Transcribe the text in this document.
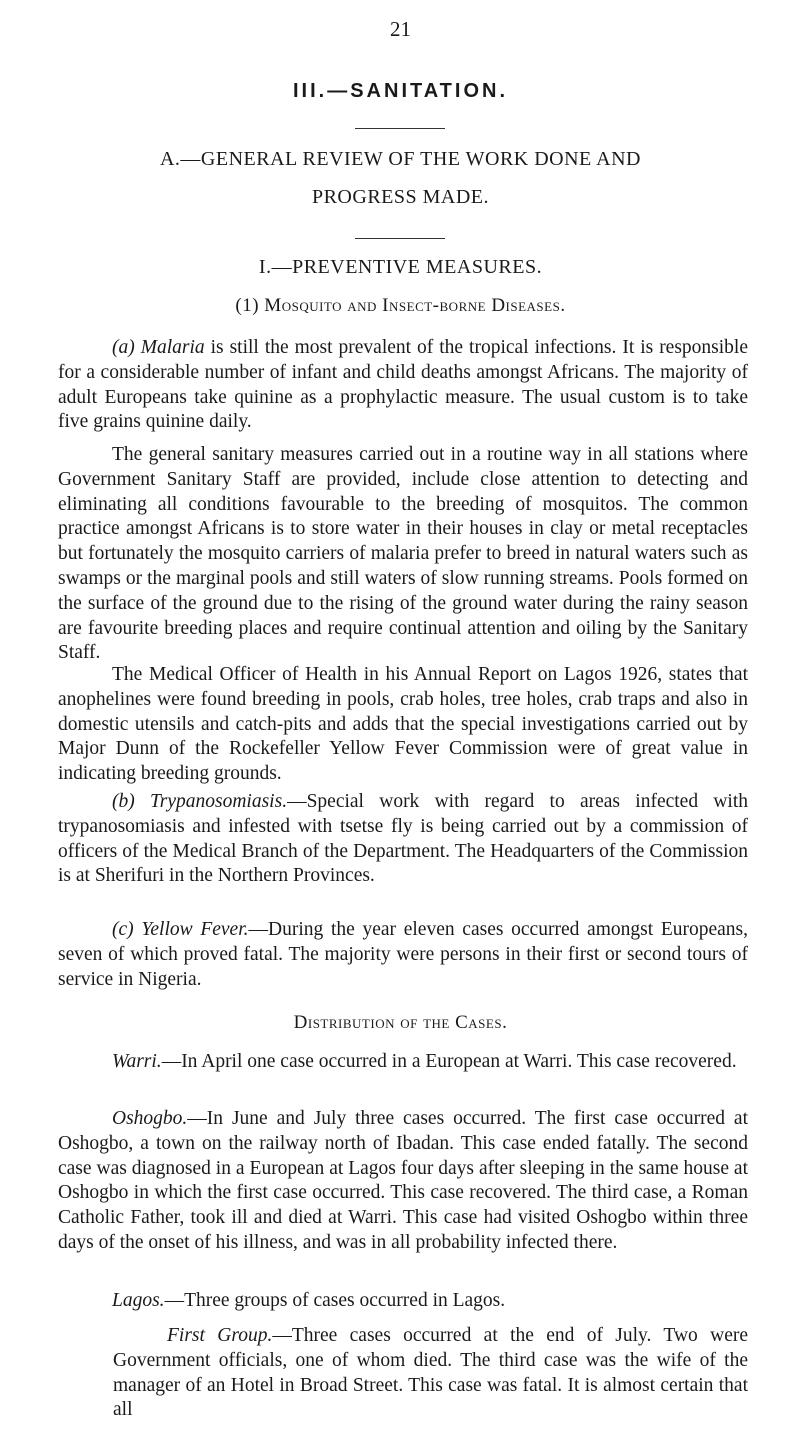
21
III.—SANITATION.
A.—GENERAL REVIEW OF THE WORK DONE AND
PROGRESS MADE.
I.—PREVENTIVE MEASURES.
(1) Mosquito and Insect-borne Diseases.
(a) Malaria is still the most prevalent of the tropical infections. It is responsible for a considerable number of infant and child deaths amongst Africans. The majority of adult Europeans take quinine as a prophylactic measure. The usual custom is to take five grains quinine daily.
The general sanitary measures carried out in a routine way in all stations where Government Sanitary Staff are provided, include close attention to detecting and eliminating all conditions favourable to the breeding of mosquitos. The common practice amongst Africans is to store water in their houses in clay or metal receptacles but fortunately the mosquito carriers of malaria prefer to breed in natural waters such as swamps or the marginal pools and still waters of slow running streams. Pools formed on the surface of the ground due to the rising of the ground water during the rainy season are favourite breeding places and require continual attention and oiling by the Sanitary Staff.
The Medical Officer of Health in his Annual Report on Lagos 1926, states that anophelines were found breeding in pools, crab holes, tree holes, crab traps and also in domestic utensils and catch-pits and adds that the special investigations carried out by Major Dunn of the Rockefeller Yellow Fever Commission were of great value in indicating breeding grounds.
(b) Trypanosomiasis.—Special work with regard to areas infected with trypanosomiasis and infested with tsetse fly is being carried out by a commission of officers of the Medical Branch of the Department. The Headquarters of the Commission is at Sherifuri in the Northern Provinces.
(c) Yellow Fever.—During the year eleven cases occurred amongst Europeans, seven of which proved fatal. The majority were persons in their first or second tours of service in Nigeria.
Distribution of the Cases.
Warri.—In April one case occurred in a European at Warri. This case recovered.
Oshogbo.—In June and July three cases occurred. The first case occurred at Oshogbo, a town on the railway north of Ibadan. This case ended fatally. The second case was diagnosed in a European at Lagos four days after sleeping in the same house at Oshogbo in which the first case occurred. This case recovered. The third case, a Roman Catholic Father, took ill and died at Warri. This case had visited Oshogbo within three days of the onset of his illness, and was in all probability infected there.
Lagos.—Three groups of cases occurred in Lagos.
First Group.—Three cases occurred at the end of July. Two were Government officials, one of whom died. The third case was the wife of the manager of an Hotel in Broad Street. This case was fatal. It is almost certain that all
